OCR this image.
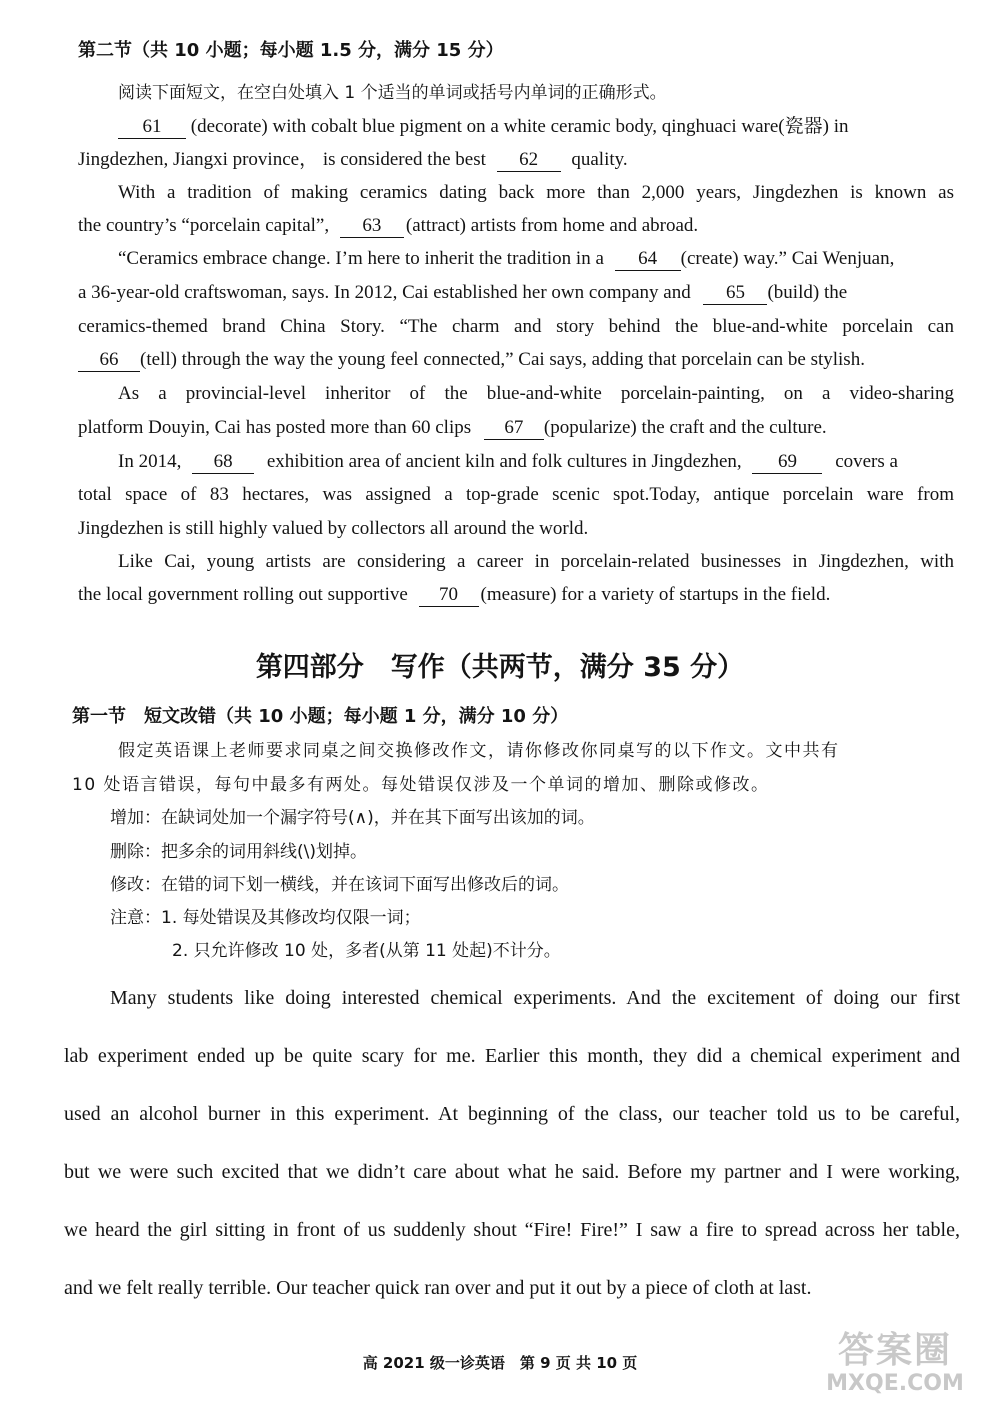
第二节（共 10 小题；每小题 1.5 分，满分 15 分）
阅读下面短文，在空白处填入 1 个适当的单词或括号内单词的正确形式。
61 (decorate) with cobalt blue pigment on a white ceramic body, qinghuaci ware(瓷器) in
Jingdezhen, Jiangxi province， is considered the best 62 quality.
With a tradition of making ceramics dating back more than 2,000 years, Jingdezhen is known as
the country’s “porcelain capital”, 63 (attract) artists from home and abroad.
“Ceramics embrace change. I’m here to inherit the tradition in a 64 (create) way.” Cai Wenjuan,
a 36-year-old craftswoman, says. In 2012, Cai established her own company and 65 (build) the
ceramics-themed brand China Story. “The charm and story behind the blue-and-white porcelain can
66 (tell) through the way the young feel connected,” Cai says, adding that porcelain can be stylish.
As a provincial-level inheritor of the blue-and-white porcelain-painting, on a video-sharing
platform Douyin, Cai has posted more than 60 clips 67 (popularize) the craft and the culture.
In 2014, 68 exhibition area of ancient kiln and folk cultures in Jingdezhen, 69 covers a
total space of 83 hectares, was assigned a top-grade scenic spot.Today, antique porcelain ware from
Jingdezhen is still highly valued by collectors all around the world.
Like Cai, young artists are considering a career in porcelain-related businesses in Jingdezhen, with
the local government rolling out supportive 70 (measure) for a variety of startups in the field.
第四部分　写作（共两节，满分 35 分）
第一节　短文改错（共 10 小题；每小题 1 分，满分 10 分）
假定英语课上老师要求同桌之间交换修改作文，请你修改你同桌写的以下作文。文中共有
10 处语言错误，每句中最多有两处。每处错误仅涉及一个单词的增加、删除或修改。
增加：在缺词处加一个漏字符号(∧)，并在其下面写出该加的词。
删除：把多余的词用斜线(\)划掉。
修改：在错的词下划一横线，并在该词下面写出修改后的词。
注意：1. 每处错误及其修改均仅限一词；
2. 只允许修改 10 处，多者(从第 11 处起)不计分。
Many students like doing interested chemical experiments. And the excitement of doing our first
lab experiment ended up be quite scary for me. Earlier this month, they did a chemical experiment and
used an alcohol burner in this experiment. At beginning of the class, our teacher told us to be careful,
but we were such excited that we didn’t care about what he said. Before my partner and I were working,
we heard the girl sitting in front of us suddenly shout “Fire! Fire!” I saw a fire to spread across her table,
and we felt really terrible. Our teacher quick ran over and put it out by a piece of cloth at last.
高 2021 级一诊英语　第 9 页 共 10 页	答案圈
MXQE.COM
